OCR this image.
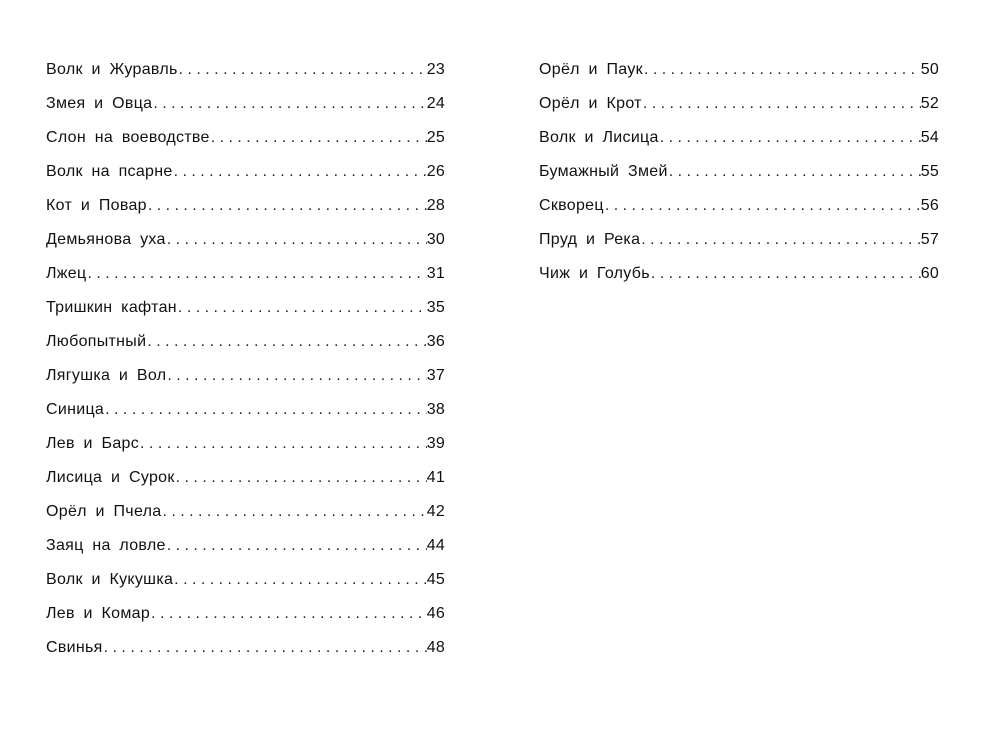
Волк и Журавль . . .	23
Змея и Овца . . .	24
Слон на воеводстве . . .	25
Волк на псарне . . .	26
Кот и Повар . . .	28
Демьянова уха . . .	30
Лжец . . .	31
Тришкин кафтан . . .	35
Любопытный . . .	36
Лягушка и Вол . . .	37
Синица . . .	38
Лев и Барс . . .	39
Лисица и Сурок . . .	41
Орёл и Пчела . . .	42
Заяц на ловле . . .	44
Волк и Кукушка . . .	45
Лев и Комар . . .	46
Свинья . . .	48
Орёл и Паук . . .	50
Орёл и Крот . . .	52
Волк и Лисица . . .	54
Бумажный Змей . . .	55
Скворец . . .	56
Пруд и Река . . .	57
Чиж и Голубь . . .	60
